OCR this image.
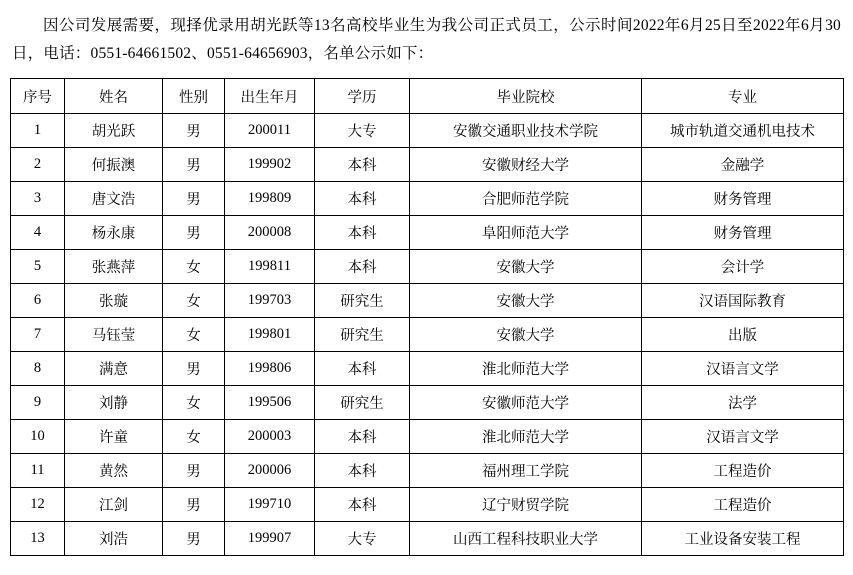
因公司发展需要，现择优录用胡光跃等13名高校毕业生为我公司正式员工，公示时间2022年6月25日至2022年6月30日，电话：0551-64661502、0551-64656903，名单公示如下：

序号	姓名	性别	出生年月	学历	毕业院校	专业
1	胡光跃	男	200011	大专	安徽交通职业技术学院	城市轨道交通机电技术
2	何振澳	男	199902	本科	安徽财经大学	金融学
3	唐文浩	男	199809	本科	合肥师范学院	财务管理
4	杨永康	男	200008	本科	阜阳师范大学	财务管理
5	张燕萍	女	199811	本科	安徽大学	会计学
6	张璇	女	199703	研究生	安徽大学	汉语国际教育
7	马钰莹	女	199801	研究生	安徽大学	出版
8	满意	男	199806	本科	淮北师范大学	汉语言文学
9	刘静	女	199506	研究生	安徽师范大学	法学
10	许童	女	200003	本科	淮北师范大学	汉语言文学
11	黄然	男	200006	本科	福州理工学院	工程造价
12	江剑	男	199710	本科	辽宁财贸学院	工程造价
13	刘浩	男	199907	大专	山西工程科技职业大学	工业设备安装工程
